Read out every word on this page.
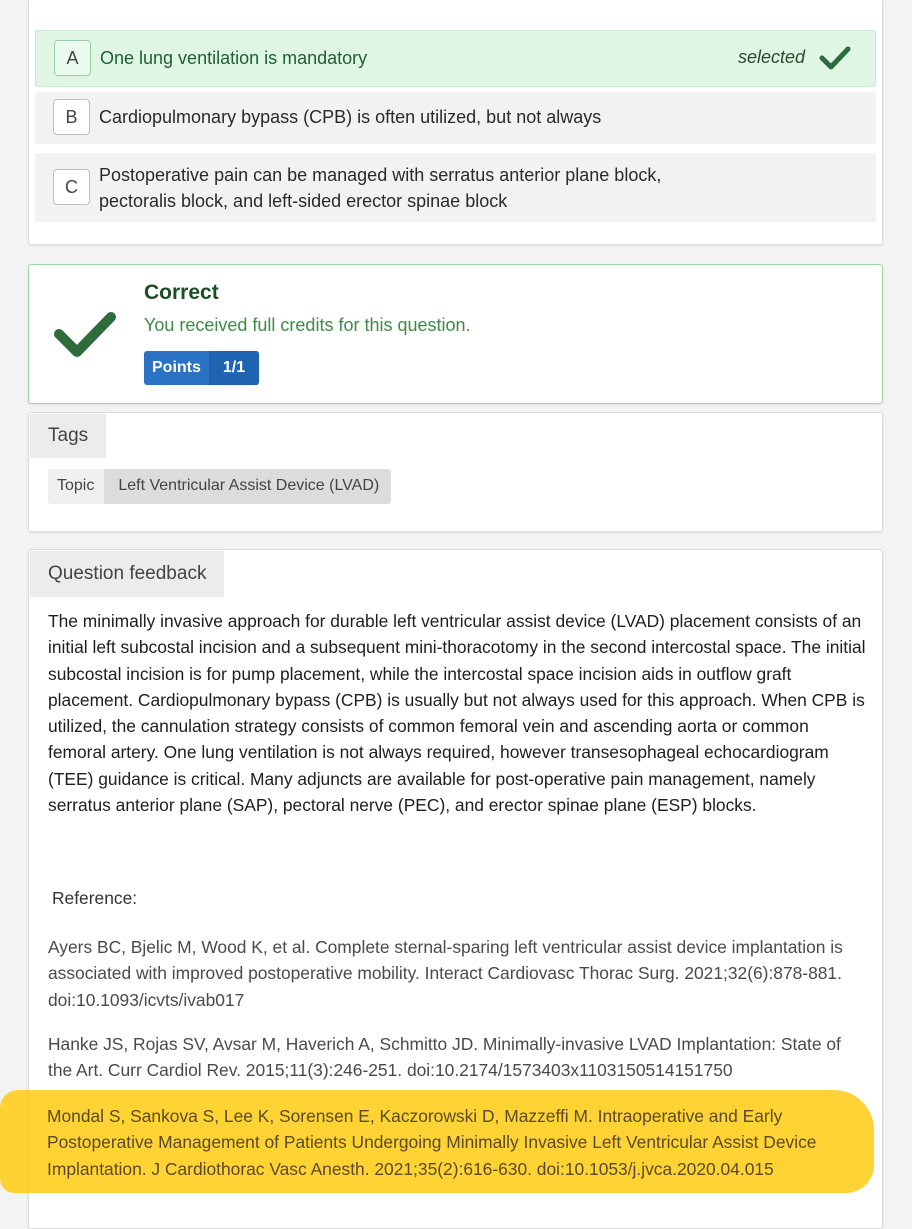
A	One lung ventilation is mandatory	selected
B	Cardiopulmonary bypass (CPB) is often utilized, but not always
C
Postoperative pain can be managed with serratus anterior plane block,
pectoralis block, and left-sided erector spinae block
Correct
You received full credits for this question.
Points	1/1
Tags
Topic	Left Ventricular Assist Device (LVAD)
Question feedback
The minimally invasive approach for durable left ventricular assist device (LVAD) placement consists of an initial left subcostal incision and a subsequent mini-thoracotomy in the second intercostal space. The initial subcostal incision is for pump placement, while the intercostal space incision aids in outflow graft placement. Cardiopulmonary bypass (CPB) is usually but not always used for this approach. When CPB is utilized, the cannulation strategy consists of common femoral vein and ascending aorta or common femoral artery. One lung ventilation is not always required, however transesophageal echocardiogram (TEE) guidance is critical. Many adjuncts are available for post-operative pain management, namely serratus anterior plane (SAP), pectoral nerve (PEC), and erector spinae plane (ESP) blocks.
Reference:
Ayers BC, Bjelic M, Wood K, et al. Complete sternal-sparing left ventricular assist device implantation is associated with improved postoperative mobility. Interact Cardiovasc Thorac Surg. 2021;32(6):878-881. doi:10.1093/icvts/ivab017
Hanke JS, Rojas SV, Avsar M, Haverich A, Schmitto JD. Minimally-invasive LVAD Implantation: State of the Art. Curr Cardiol Rev. 2015;11(3):246-251. doi:10.2174/1573403x1103150514151750
Mondal S, Sankova S, Lee K, Sorensen E, Kaczorowski D, Mazzeffi M. Intraoperative and Early Postoperative Management of Patients Undergoing Minimally Invasive Left Ventricular Assist Device Implantation. J Cardiothorac Vasc Anesth. 2021;35(2):616-630. doi:10.1053/j.jvca.2020.04.015
